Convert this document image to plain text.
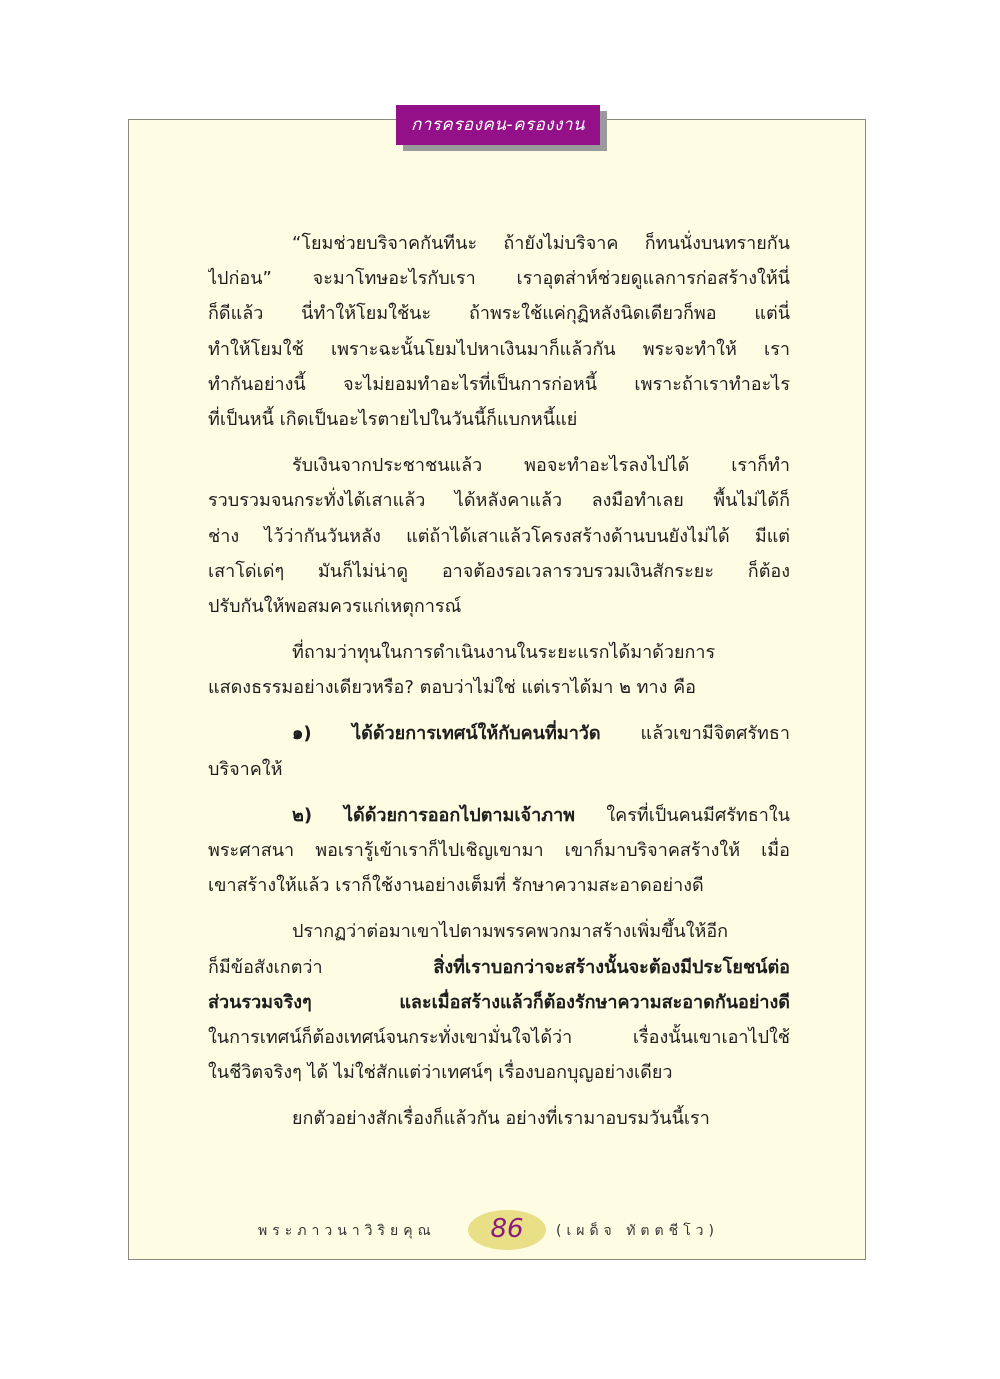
การครองคน-ครองงาน
“โยมช่วยบริจาคกันทีนะ ถ้ายังไม่บริจาค ก็ทนนั่งบนทรายกัน
ไปก่อน” จะมาโทษอะไรกับเรา เราอุตส่าห์ช่วยดูแลการก่อสร้างให้นี่
ก็ดีแล้ว นี่ทำให้โยมใช้นะ ถ้าพระใช้แค่กุฏิหลังนิดเดียวก็พอ แต่นี่
ทำให้โยมใช้ เพราะฉะนั้นโยมไปหาเงินมาก็แล้วกัน พระจะทำให้ เรา
ทำกันอย่างนี้ จะไม่ยอมทำอะไรที่เป็นการก่อหนี้ เพราะถ้าเราทำอะไร
ที่เป็นหนี้ เกิดเป็นอะไรตายไปในวันนี้ก็แบกหนี้แย่
รับเงินจากประชาชนแล้ว พอจะทำอะไรลงไปได้ เราก็ทำ
รวบรวมจนกระทั่งได้เสาแล้ว ได้หลังคาแล้ว ลงมือทำเลย พื้นไม่ได้ก็
ช่าง ไว้ว่ากันวันหลัง แต่ถ้าได้เสาแล้วโครงสร้างด้านบนยังไม่ได้ มีแต่
เสาโด่เด่ๆ มันก็ไม่น่าดู อาจต้องรอเวลารวบรวมเงินสักระยะ ก็ต้อง
ปรับกันให้พอสมควรแก่เหตุการณ์
ที่ถามว่าทุนในการดำเนินงานในระยะแรกได้มาด้วยการ
แสดงธรรมอย่างเดียวหรือ? ตอบว่าไม่ใช่ แต่เราได้มา ๒ ทาง คือ
๑) ได้ด้วยการเทศน์ให้กับคนที่มาวัด แล้วเขามีจิตศรัทธา
บริจาคให้
๒) ได้ด้วยการออกไปตามเจ้าภาพ ใครที่เป็นคนมีศรัทธาใน
พระศาสนา พอเรารู้เข้าเราก็ไปเชิญเขามา เขาก็มาบริจาคสร้างให้ เมื่อ
เขาสร้างให้แล้ว เราก็ใช้งานอย่างเต็มที่ รักษาความสะอาดอย่างดี
ปรากฏว่าต่อมาเขาไปตามพรรคพวกมาสร้างเพิ่มขึ้นให้อีก
ก็มีข้อสังเกตว่า สิ่งที่เราบอกว่าจะสร้างนั้นจะต้องมีประโยชน์ต่อ
ส่วนรวมจริงๆ และเมื่อสร้างแล้วก็ต้องรักษาความสะอาดกันอย่างดี
ในการเทศน์ก็ต้องเทศน์จนกระทั่งเขามั่นใจได้ว่า เรื่องนั้นเขาเอาไปใช้
ในชีวิตจริงๆ ได้ ไม่ใช่สักแต่ว่าเทศน์ๆ เรื่องบอกบุญอย่างเดียว
ยกตัวอย่างสักเรื่องก็แล้วกัน อย่างที่เรามาอบรมวันนี้เรา
พระภาวนาวิริยคุณ	86	(เผด็จ ทัตตชีโว)
